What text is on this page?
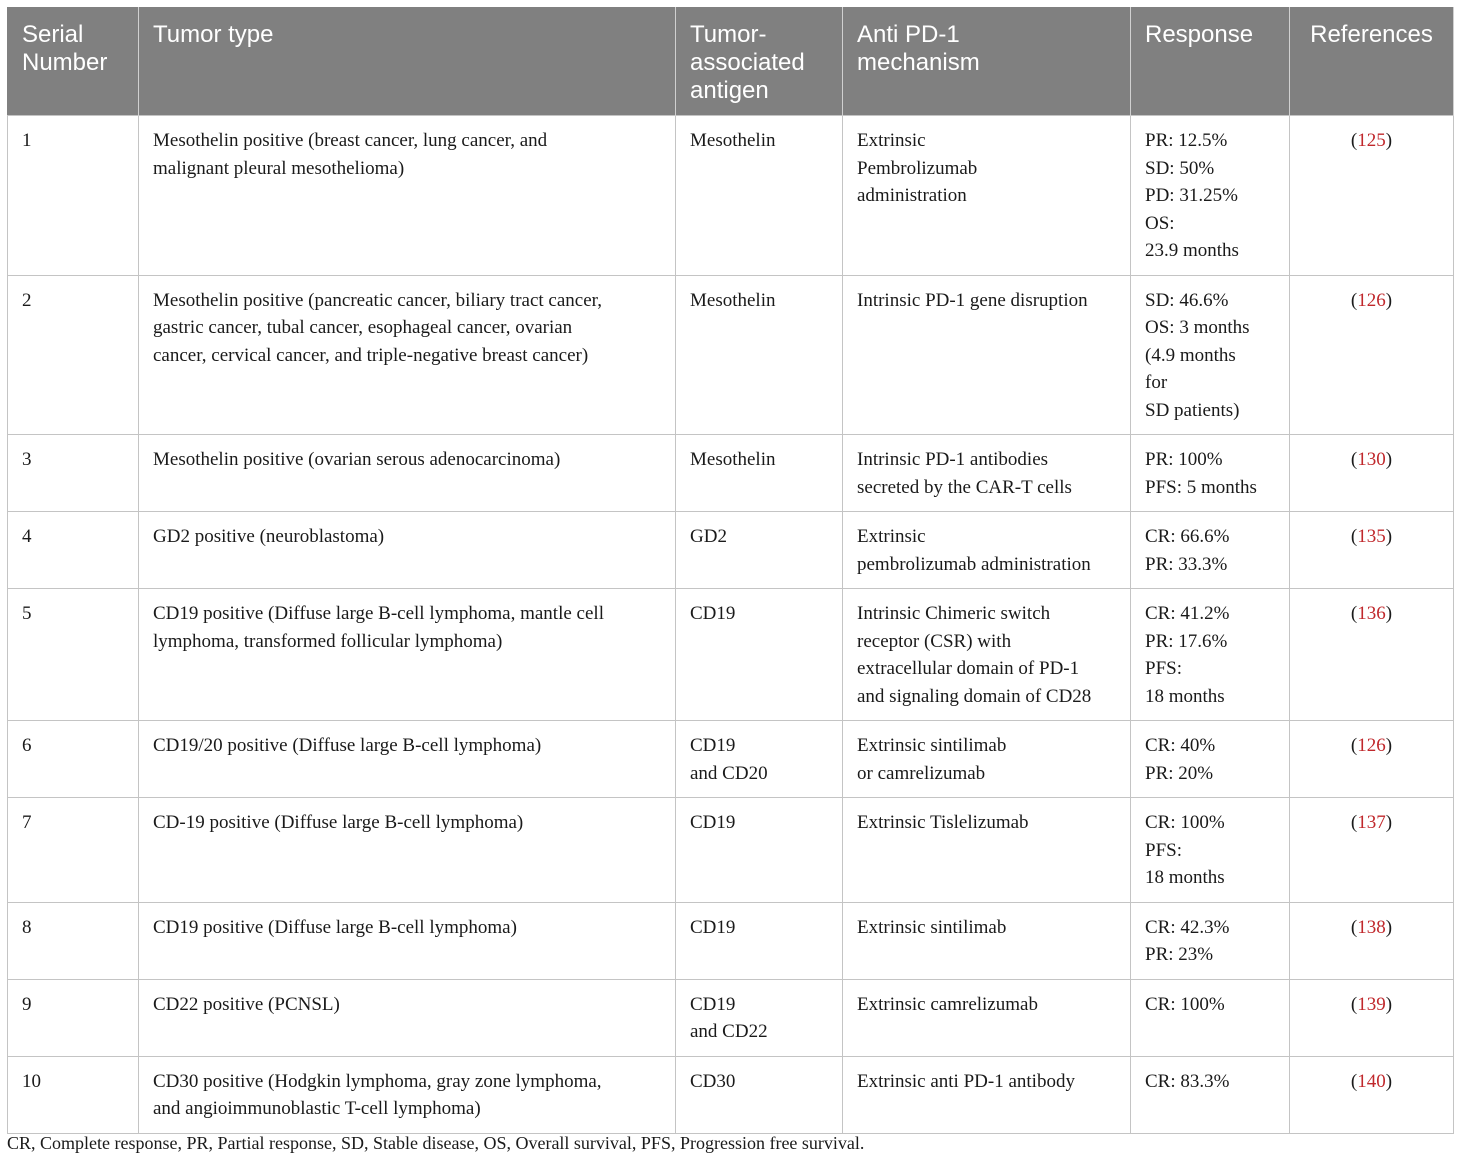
Serial
Number	Tumor type	Tumor-
associated
antigen	Anti PD-1
mechanism	Response	References

1	Mesothelin positive (breast cancer, lung cancer, and
malignant pleural mesothelioma)	Mesothelin	Extrinsic
Pembrolizumab
administration	PR: 12.5%
SD: 50%
PD: 31.25%
OS:
23.9 months	(125)
2	Mesothelin positive (pancreatic cancer, biliary tract cancer,
gastric cancer, tubal cancer, esophageal cancer, ovarian
cancer, cervical cancer, and triple-negative breast cancer)	Mesothelin	Intrinsic PD-1 gene disruption	SD: 46.6%
OS: 3 months
(4.9 months
for
SD patients)	(126)
3	Mesothelin positive (ovarian serous adenocarcinoma)	Mesothelin	Intrinsic PD-1 antibodies
secreted by the CAR-T cells	PR: 100%
PFS: 5 months	(130)
4	GD2 positive (neuroblastoma)	GD2	Extrinsic
pembrolizumab administration	CR: 66.6%
PR: 33.3%	(135)
5	CD19 positive (Diffuse large B-cell lymphoma, mantle cell
lymphoma, transformed follicular lymphoma)	CD19	Intrinsic Chimeric switch
receptor (CSR) with
extracellular domain of PD-1
and signaling domain of CD28	CR: 41.2%
PR: 17.6%
PFS:
18 months	(136)
6	CD19/20 positive (Diffuse large B-cell lymphoma)	CD19
and CD20	Extrinsic sintilimab
or camrelizumab	CR: 40%
PR: 20%	(126)
7	CD-19 positive (Diffuse large B-cell lymphoma)	CD19	Extrinsic Tislelizumab	CR: 100%
PFS:
18 months	(137)
8	CD19 positive (Diffuse large B-cell lymphoma)	CD19	Extrinsic sintilimab	CR: 42.3%
PR: 23%	(138)
9	CD22 positive (PCNSL)	CD19
and CD22	Extrinsic camrelizumab	CR: 100%	(139)
10	CD30 positive (Hodgkin lymphoma, gray zone lymphoma,
and angioimmunoblastic T-cell lymphoma)	CD30	Extrinsic anti PD-1 antibody	CR: 83.3%	(140)
CR, Complete response, PR, Partial response, SD, Stable disease, OS, Overall survival, PFS, Progression free survival.
